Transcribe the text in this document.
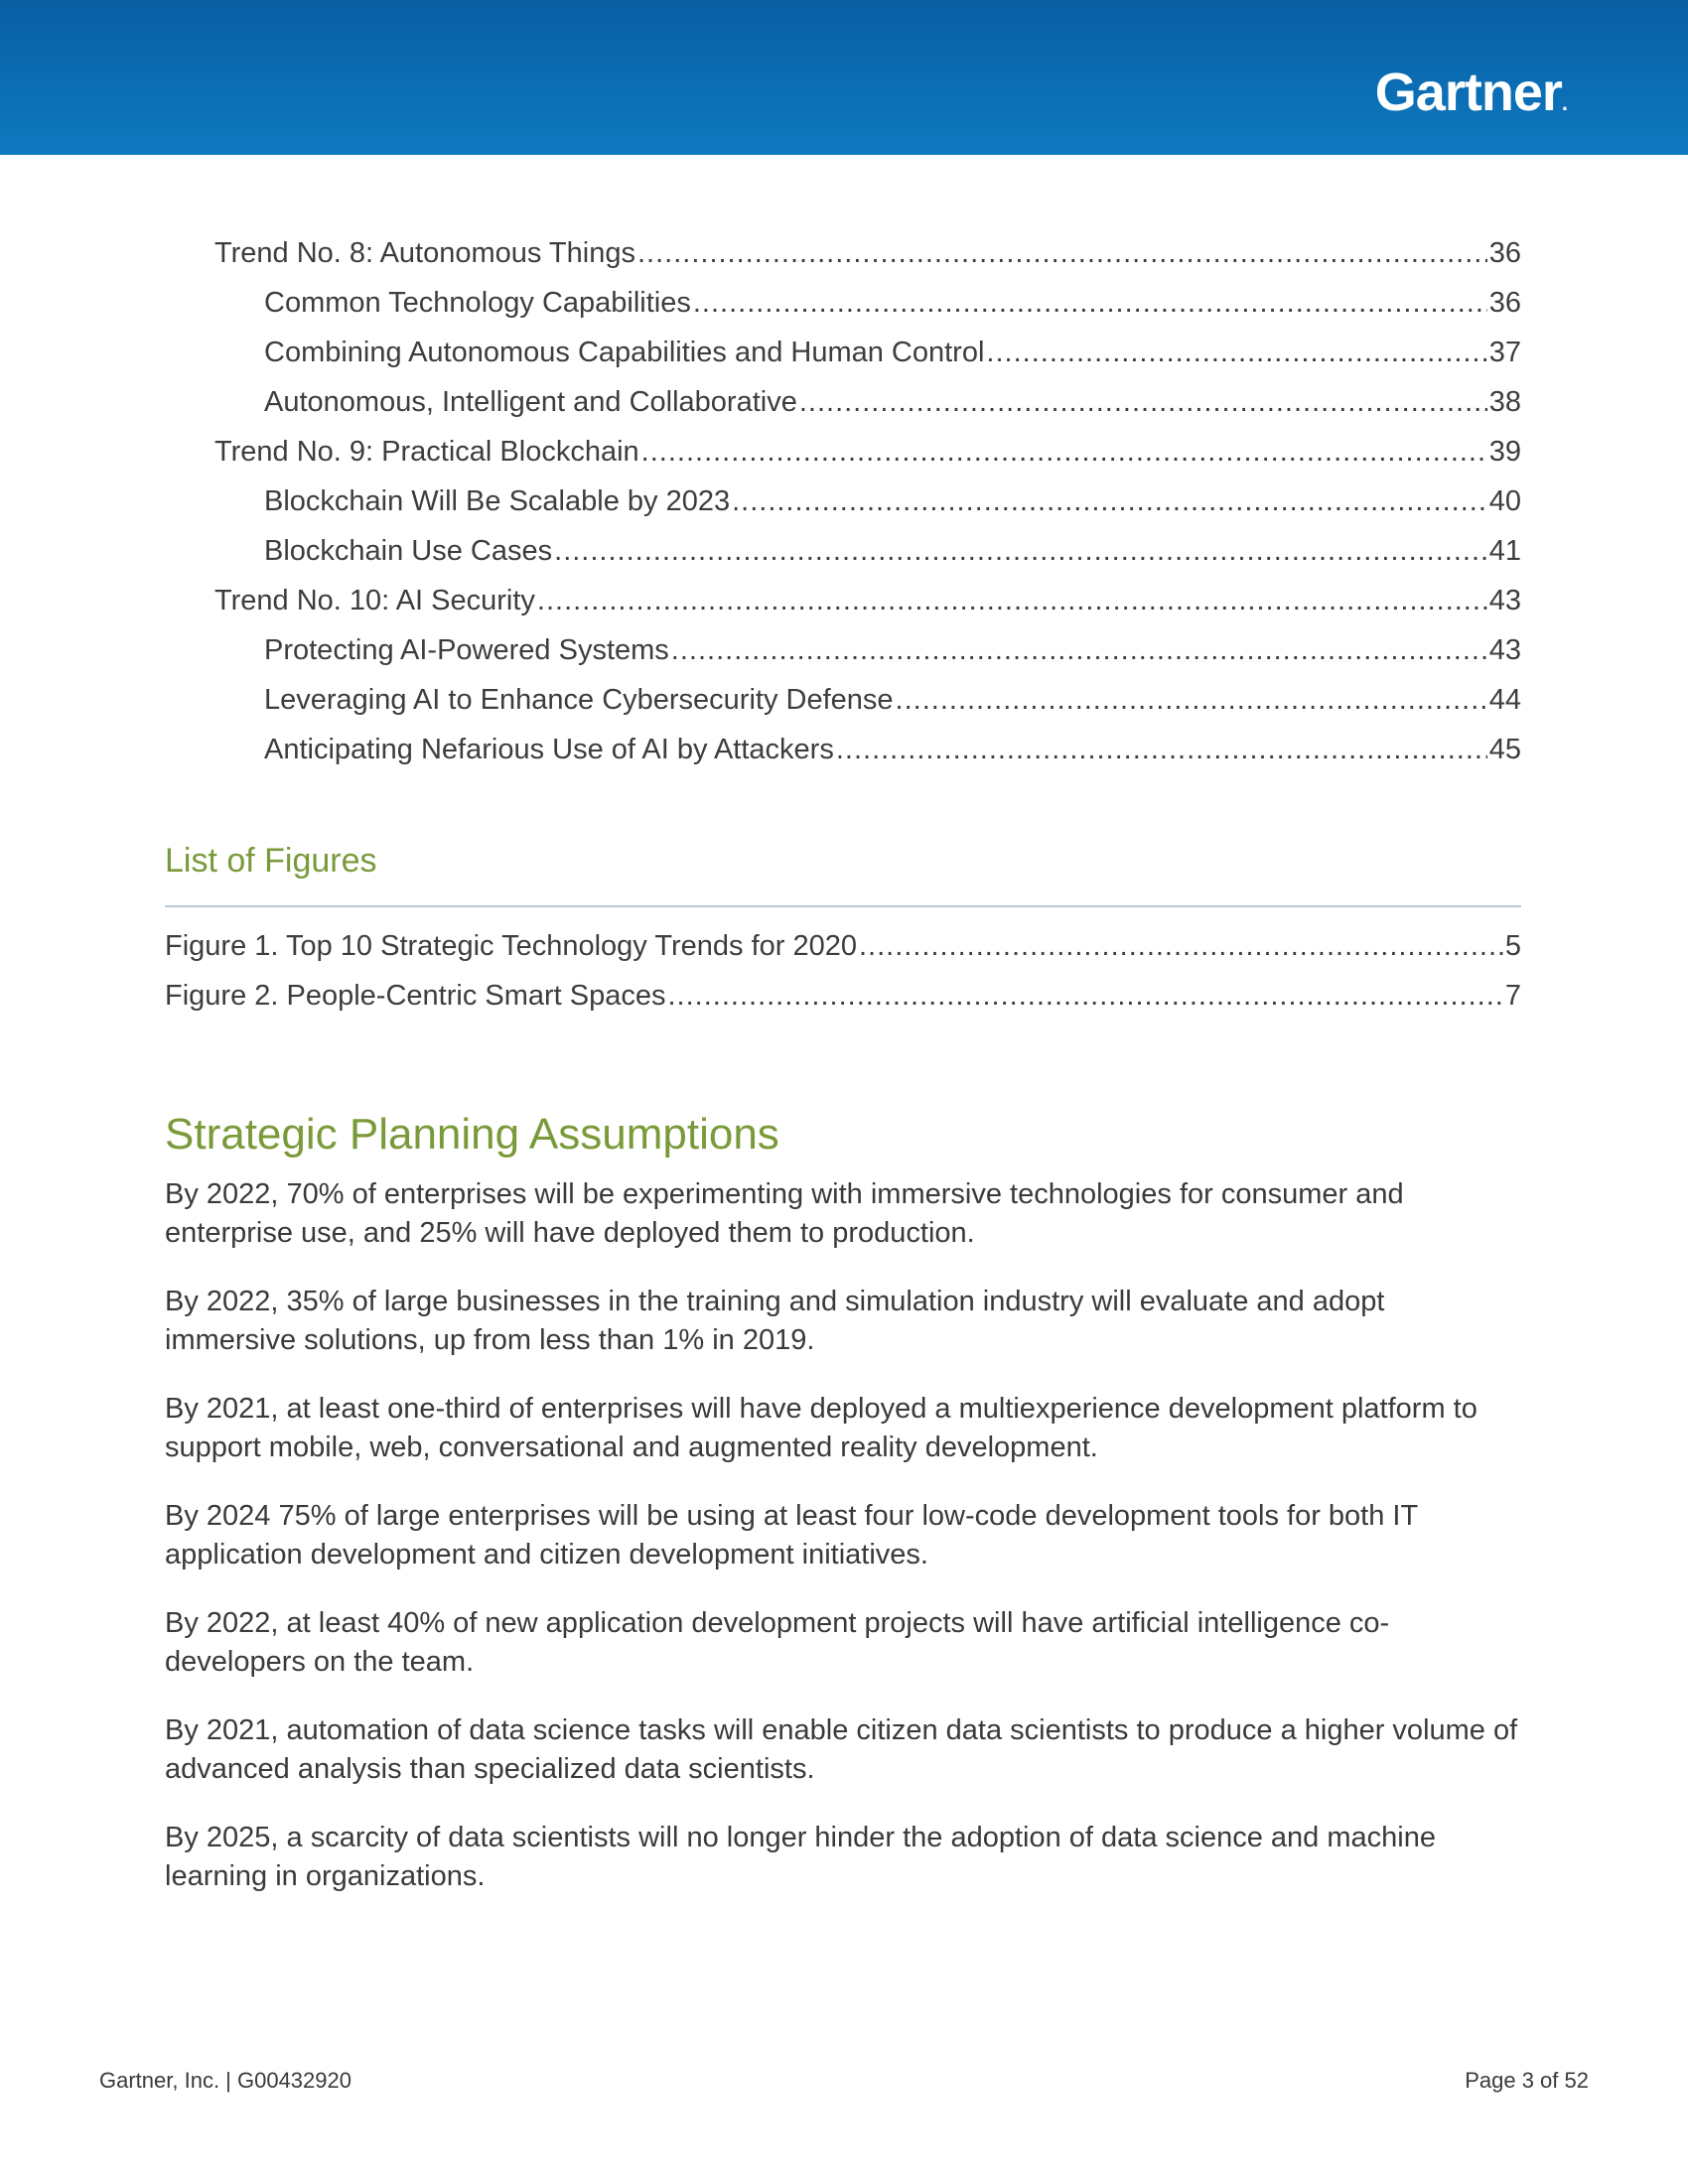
Gartner.
Trend No. 8: Autonomous Things .....	36
Common Technology Capabilities .....	36
Combining Autonomous Capabilities and Human Control .....	37
Autonomous, Intelligent and Collaborative .....	38
Trend No. 9: Practical Blockchain .....	39
Blockchain Will Be Scalable by 2023 .....	40
Blockchain Use Cases .....	41
Trend No. 10: AI Security .....	43
Protecting AI-Powered Systems .....	43
Leveraging AI to Enhance Cybersecurity Defense .....	44
Anticipating Nefarious Use of AI by Attackers .....	45
List of Figures
Figure 1. Top 10 Strategic Technology Trends for 2020 .....	5
Figure 2. People-Centric Smart Spaces .....	7
Strategic Planning Assumptions

By 2022, 70% of enterprises will be experimenting with immersive technologies for consumer and enterprise use, and 25% will have deployed them to production.

By 2022, 35% of large businesses in the training and simulation industry will evaluate and adopt immersive solutions, up from less than 1% in 2019.

By 2021, at least one-third of enterprises will have deployed a multiexperience development platform to support mobile, web, conversational and augmented reality development.

By 2024 75% of large enterprises will be using at least four low-code development tools for both IT application development and citizen development initiatives.

By 2022, at least 40% of new application development projects will have artificial intelligence co-developers on the team.

By 2021, automation of data science tasks will enable citizen data scientists to produce a higher volume of advanced analysis than specialized data scientists.

By 2025, a scarcity of data scientists will no longer hinder the adoption of data science and machine learning in organizations.

Gartner, Inc. | G00432920	Page 3 of 52
